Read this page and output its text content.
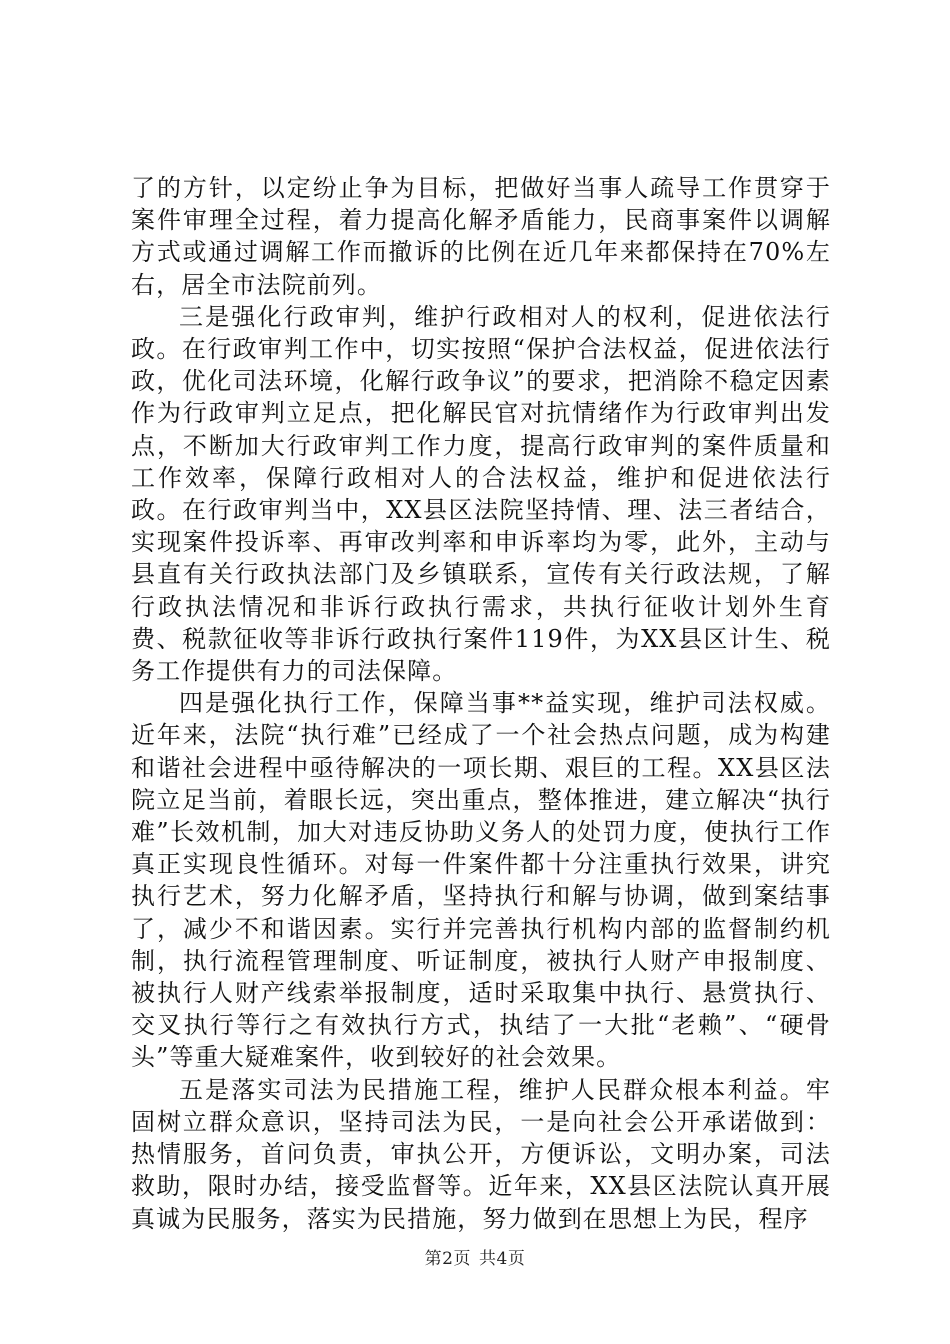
了的方针，以定纷止争为目标，把做好当事人疏导工作贯穿于案件审理全过程，着力提高化解矛盾能力，民商事案件以调解方式或通过调解工作而撤诉的比例在近几年来都保持在70%左右，居全市法院前列。

三是强化行政审判，维护行政相对人的权利，促进依法行政。在行政审判工作中，切实按照“保护合法权益，促进依法行政，优化司法环境，化解行政争议”的要求，把消除不稳定因素作为行政审判立足点，把化解民官对抗情绪作为行政审判出发点，不断加大行政审判工作力度，提高行政审判的案件质量和工作效率，保障行政相对人的合法权益，维护和促进依法行政。在行政审判当中，XX县区法院坚持情、理、法三者结合，实现案件投诉率、再审改判率和申诉率均为零，此外，主动与县直有关行政执法部门及乡镇联系，宣传有关行政法规，了解行政执法情况和非诉行政执行需求，共执行征收计划外生育费、税款征收等非诉行政执行案件119件，为XX县区计生、税务工作提供有力的司法保障。

四是强化执行工作，保障当事**益实现，维护司法权威。近年来，法院“执行难”已经成了一个社会热点问题，成为构建和谐社会进程中亟待解决的一项长期、艰巨的工程。XX县区法院立足当前，着眼长远，突出重点，整体推进，建立解决“执行难”长效机制，加大对违反协助义务人的处罚力度，使执行工作真正实现良性循环。对每一件案件都十分注重执行效果，讲究执行艺术，努力化解矛盾，坚持执行和解与协调，做到案结事了，减少不和谐因素。实行并完善执行机构内部的监督制约机制，执行流程管理制度、听证制度，被执行人财产申报制度、被执行人财产线索举报制度，适时采取集中执行、悬赏执行、交叉执行等行之有效执行方式，执结了一大批“老赖”、“硬骨头”等重大疑难案件，收到较好的社会效果。

五是落实司法为民措施工程，维护人民群众根本利益。牢固树立群众意识，坚持司法为民，一是向社会公开承诺做到：热情服务，首问负责，审执公开，方便诉讼，文明办案，司法救助，限时办结，接受监督等。近年来，XX县区法院认真开展真诚为民服务，落实为民措施，努力做到在思想上为民，程序

第2页 共4页
